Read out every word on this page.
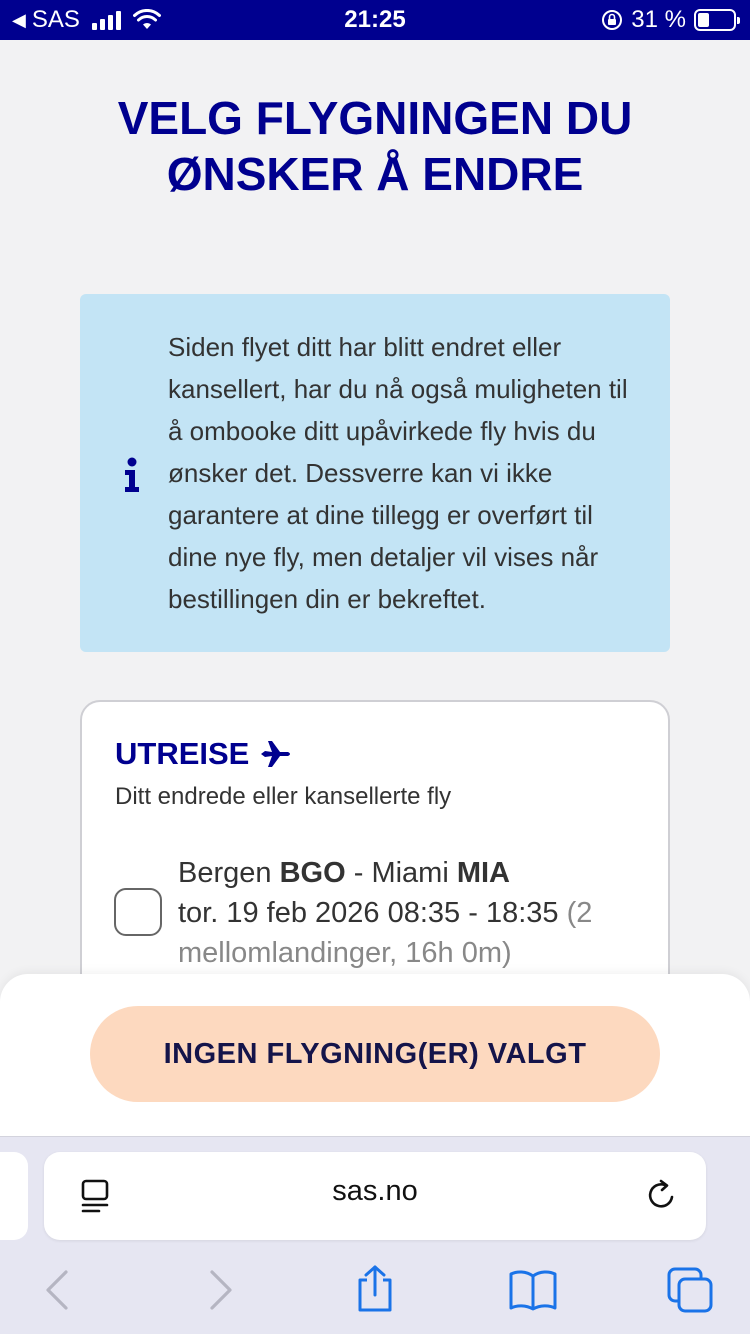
◀ SAS	21:25	31 %
VELG FLYGNINGEN DU ØNSKER Å ENDRE

Siden flyet ditt har blitt endret eller kansellert, har du nå også muligheten til å ombooke ditt upåvirkede fly hvis du ønsker det. Dessverre kan vi ikke garantere at dine tillegg er overført til dine nye fly, men detaljer vil vises når bestillingen din er bekreftet.

UTREISE
Ditt endrede eller kansellerte fly
Bergen BGO - Miami MIA
tor. 19 feb 2026 08:35 - 18:35 (2 mellomlandinger, 16h 0m)
INGEN FLYGNING(ER) VALGT
sas.no
